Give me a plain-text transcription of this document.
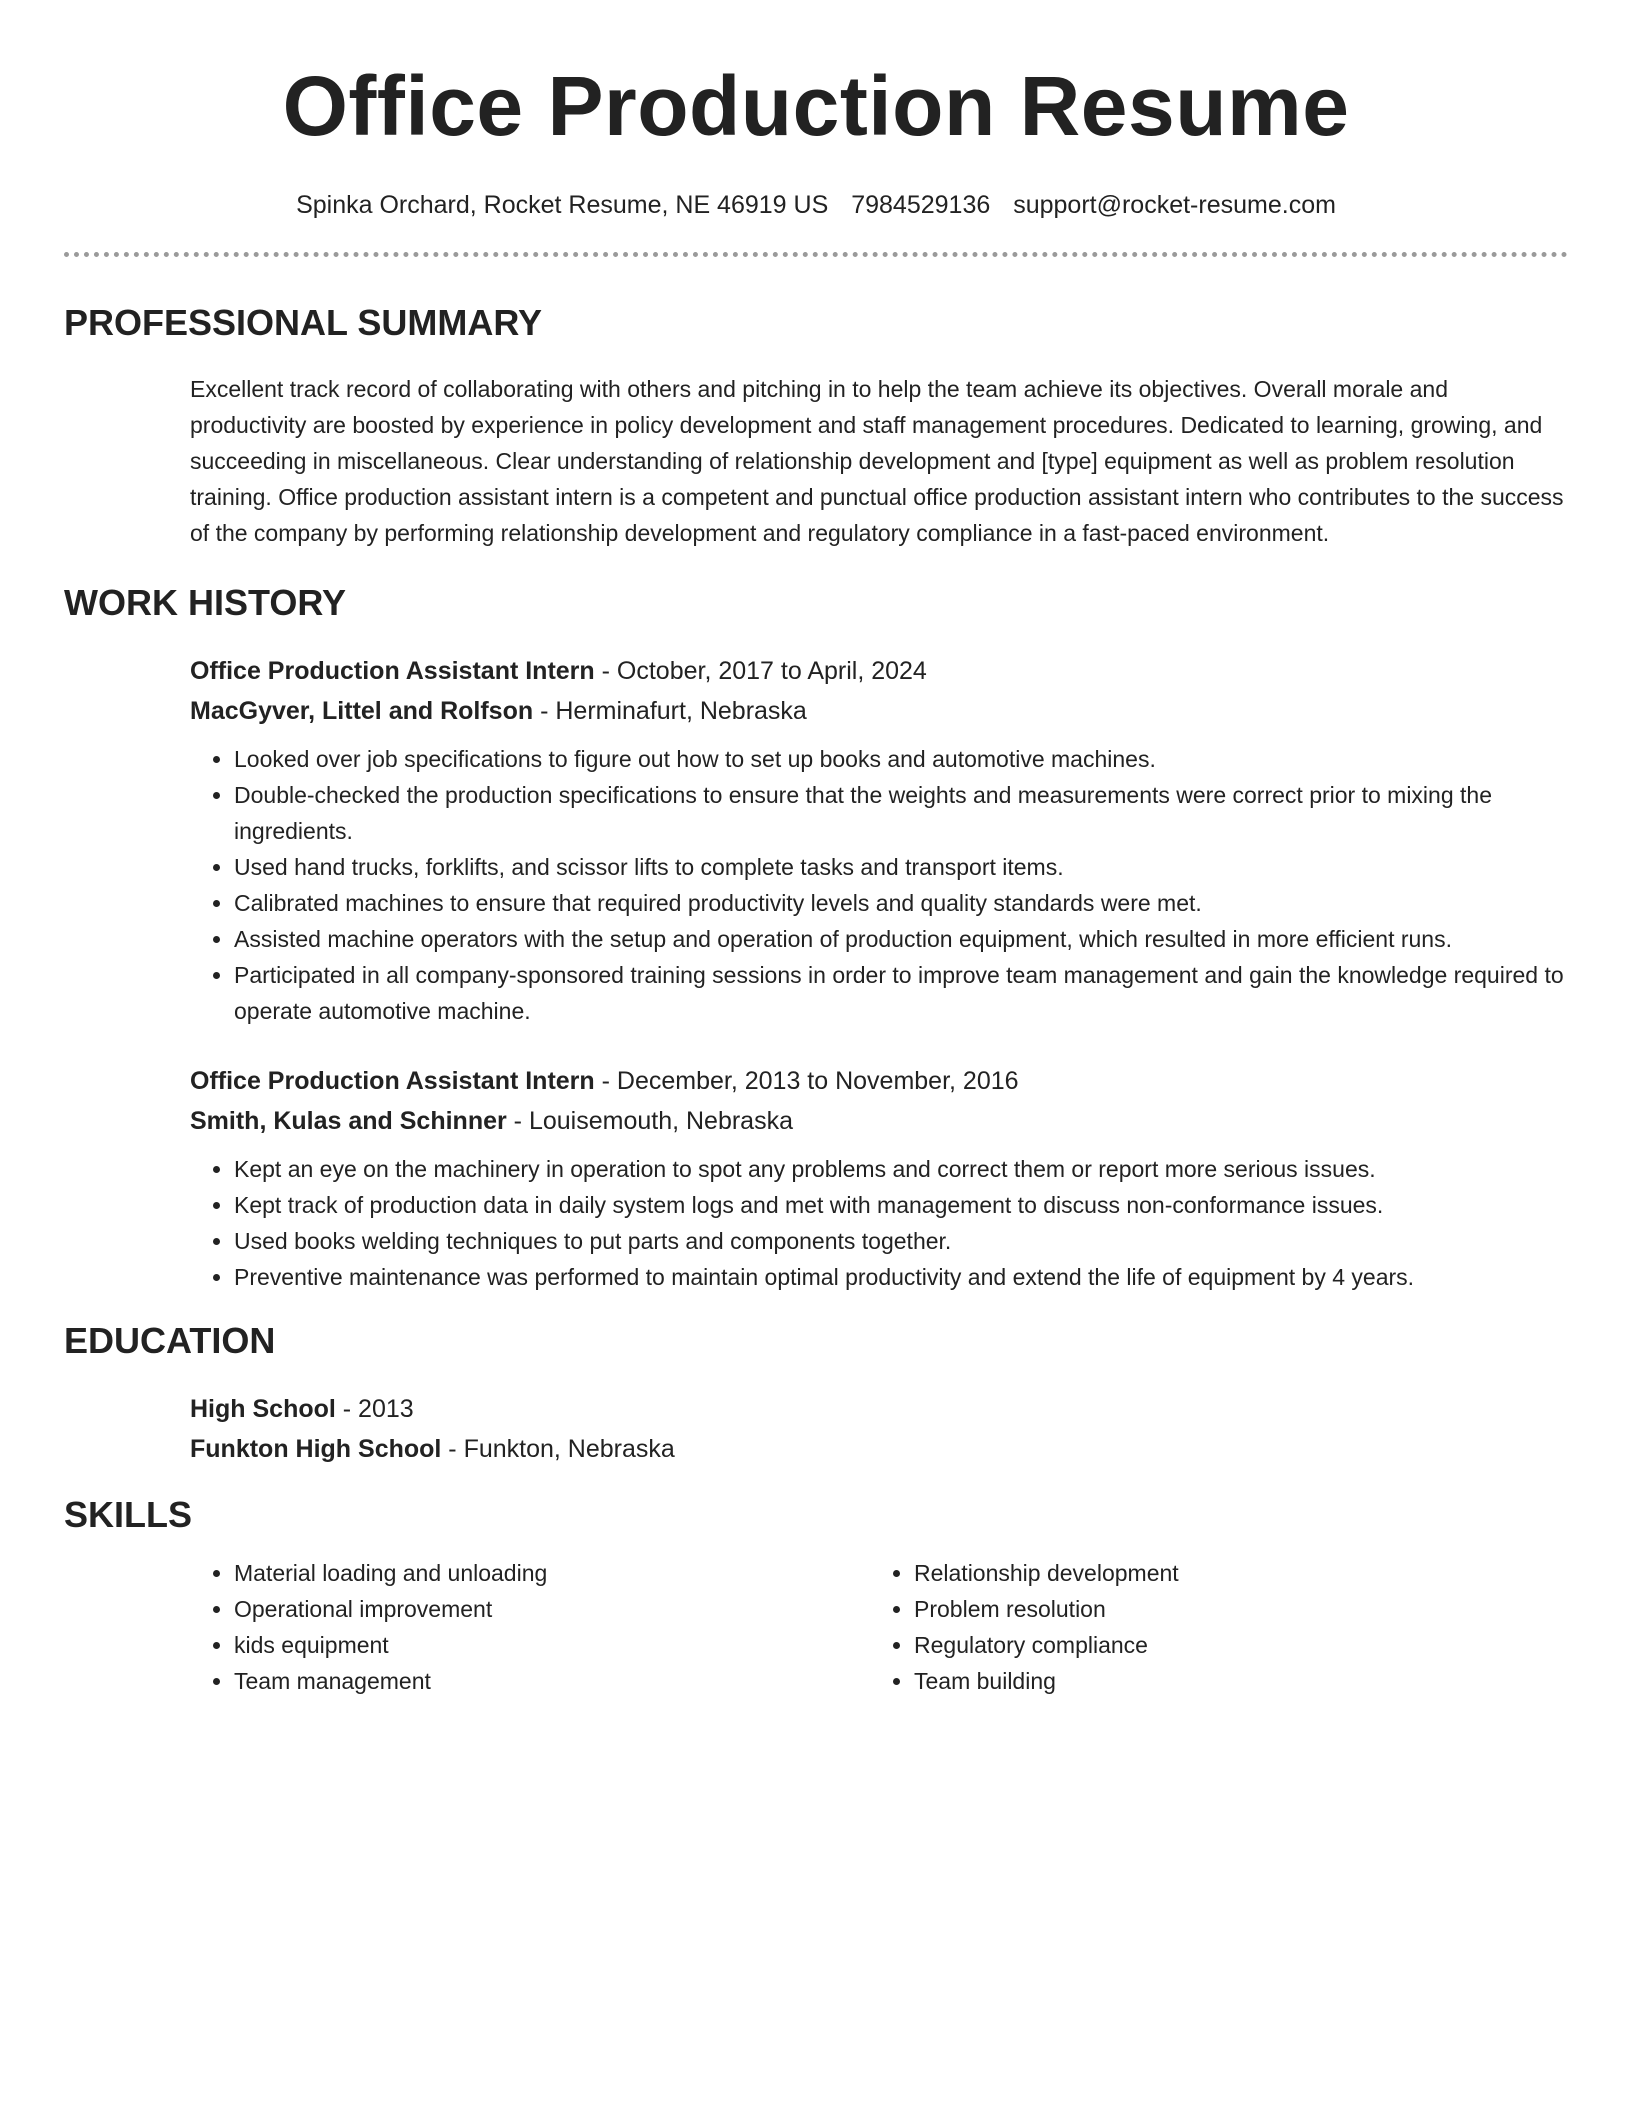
Office Production Resume
Spinka Orchard, Rocket Resume, NE 46919 US 7984529136 support@rocket-resume.com
PROFESSIONAL SUMMARY
Excellent track record of collaborating with others and pitching in to help the team achieve its objectives. Overall morale and productivity are boosted by experience in policy development and staff management procedures. Dedicated to learning, growing, and succeeding in miscellaneous. Clear understanding of relationship development and [type] equipment as well as problem resolution training. Office production assistant intern is a competent and punctual office production assistant intern who contributes to the success of the company by performing relationship development and regulatory compliance in a fast-paced environment.
WORK HISTORY
Office Production Assistant Intern - October, 2017 to April, 2024
MacGyver, Littel and Rolfson - Herminafurt, Nebraska
• Looked over job specifications to figure out how to set up books and automotive machines.
• Double-checked the production specifications to ensure that the weights and measurements were correct prior to mixing the ingredients.
• Used hand trucks, forklifts, and scissor lifts to complete tasks and transport items.
• Calibrated machines to ensure that required productivity levels and quality standards were met.
• Assisted machine operators with the setup and operation of production equipment, which resulted in more efficient runs.
• Participated in all company-sponsored training sessions in order to improve team management and gain the knowledge required to operate automotive machine.
Office Production Assistant Intern - December, 2013 to November, 2016
Smith, Kulas and Schinner - Louisemouth, Nebraska
• Kept an eye on the machinery in operation to spot any problems and correct them or report more serious issues.
• Kept track of production data in daily system logs and met with management to discuss non-conformance issues.
• Used books welding techniques to put parts and components together.
• Preventive maintenance was performed to maintain optimal productivity and extend the life of equipment by 4 years.
EDUCATION
High School - 2013
Funkton High School - Funkton, Nebraska
SKILLS
• Material loading and unloading
• Operational improvement
• kids equipment
• Team management
• Relationship development
• Problem resolution
• Regulatory compliance
• Team building
